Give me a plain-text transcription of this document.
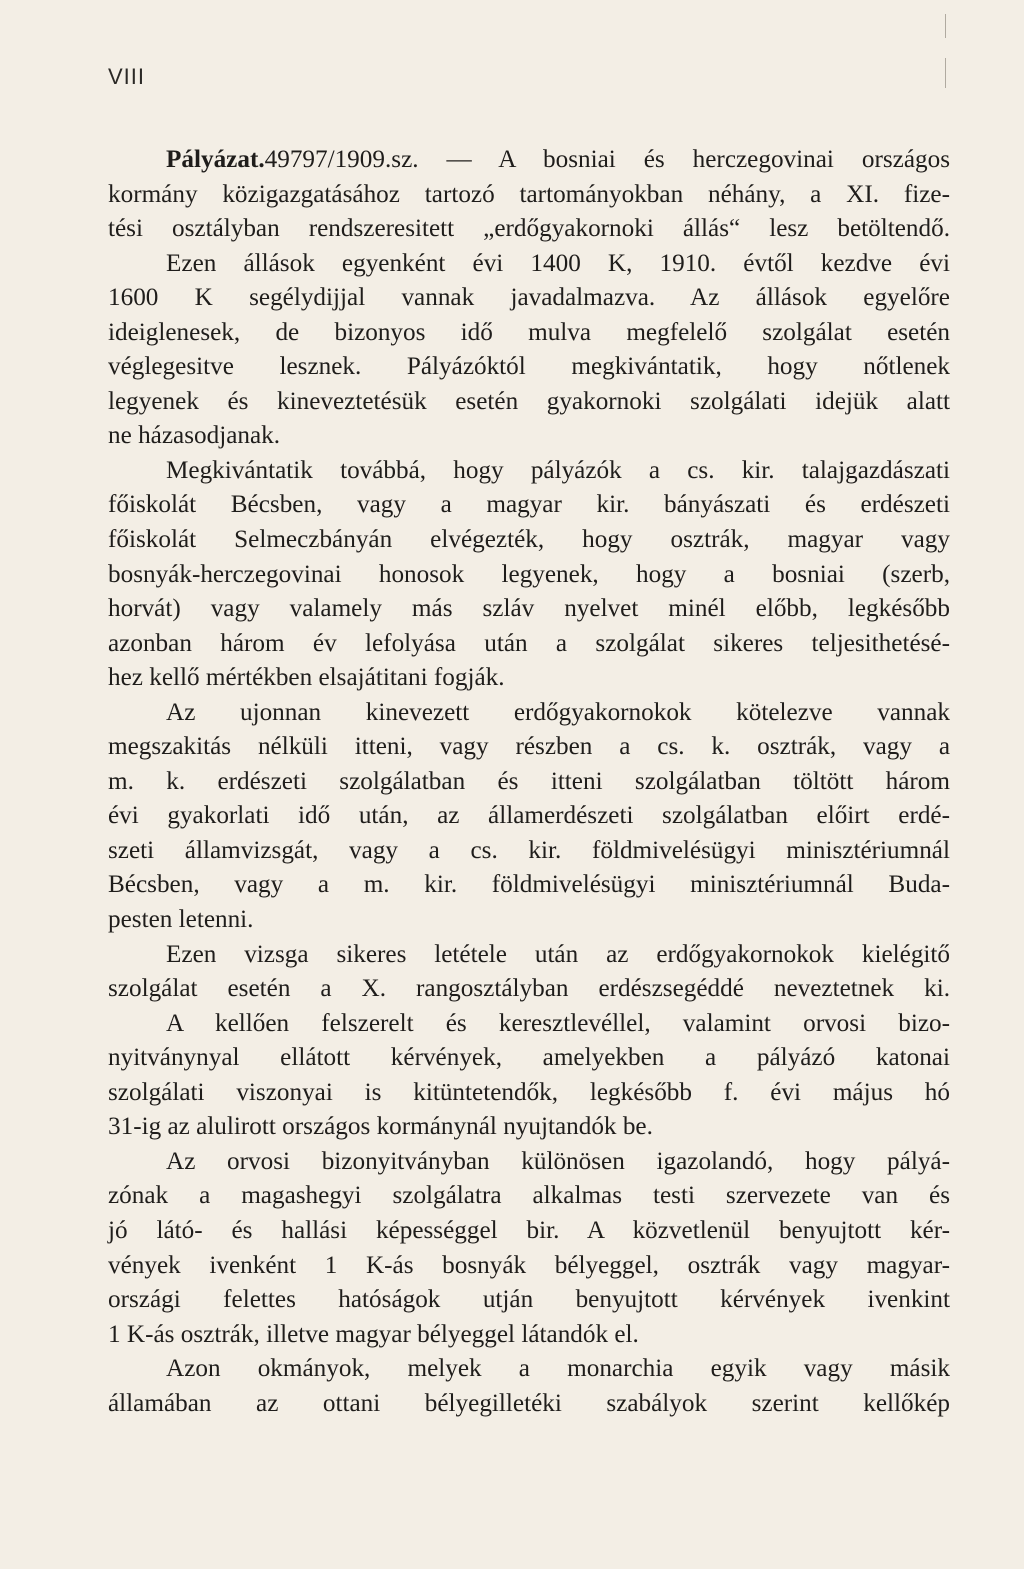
VIII
Pályázat.49797/1909.sz. — A bosniai és herczegovinai országos
kormány közigazgatásához tartozó tartományokban néhány, a XI. fize-
tési osztályban rendszeresitett „erdőgyakornoki állás“ lesz betöltendő.
Ezen állások egyenként évi 1400 K, 1910. évtől kezdve évi
1600 K segélydijjal vannak javadalmazva. Az állások egyelőre
ideiglenesek, de bizonyos idő mulva megfelelő szolgálat esetén
véglegesitve lesznek. Pályázóktól megkivántatik, hogy nőtlenek
legyenek és kineveztetésük esetén gyakornoki szolgálati idejük alatt
ne házasodjanak.
Megkivántatik továbbá, hogy pályázók a cs. kir. talajgazdászati
főiskolát Bécsben, vagy a magyar kir. bányászati és erdészeti
főiskolát Selmeczbányán elvégezték, hogy osztrák, magyar vagy
bosnyák-herczegovinai honosok legyenek, hogy a bosniai (szerb,
horvát) vagy valamely más szláv nyelvet minél előbb, legkésőbb
azonban három év lefolyása után a szolgálat sikeres teljesithetésé-
hez kellő mértékben elsajátitani fogják.
Az ujonnan kinevezett erdőgyakornokok kötelezve vannak
megszakitás nélküli itteni, vagy részben a cs. k. osztrák, vagy a
m. k. erdészeti szolgálatban és itteni szolgálatban töltött három
évi gyakorlati idő után, az államerdészeti szolgálatban előirt erdé-
szeti államvizsgát, vagy a cs. kir. földmivelésügyi minisztériumnál
Bécsben, vagy a m. kir. földmivelésügyi minisztériumnál Buda-
pesten letenni.
Ezen vizsga sikeres letétele után az erdőgyakornokok kielégitő
szolgálat esetén a X. rangosztályban erdészsegéddé neveztetnek ki.
A kellően felszerelt és keresztlevéllel, valamint orvosi bizo-
nyitványnyal ellátott kérvények, amelyekben a pályázó katonai
szolgálati viszonyai is kitüntetendők, legkésőbb f. évi május hó
31-ig az alulirott országos kormánynál nyujtandók be.
Az orvosi bizonyitványban különösen igazolandó, hogy pályá-
zónak a magashegyi szolgálatra alkalmas testi szervezete van és
jó látó- és hallási képességgel bir. A közvetlenül benyujtott kér-
vények ivenként 1 K-ás bosnyák bélyeggel, osztrák vagy magyar-
országi felettes hatóságok utján benyujtott kérvények ivenkint
1 K-ás osztrák, illetve magyar bélyeggel látandók el.
Azon okmányok, melyek a monarchia egyik vagy másik
államában az ottani bélyegilletéki szabályok szerint kellőkép
